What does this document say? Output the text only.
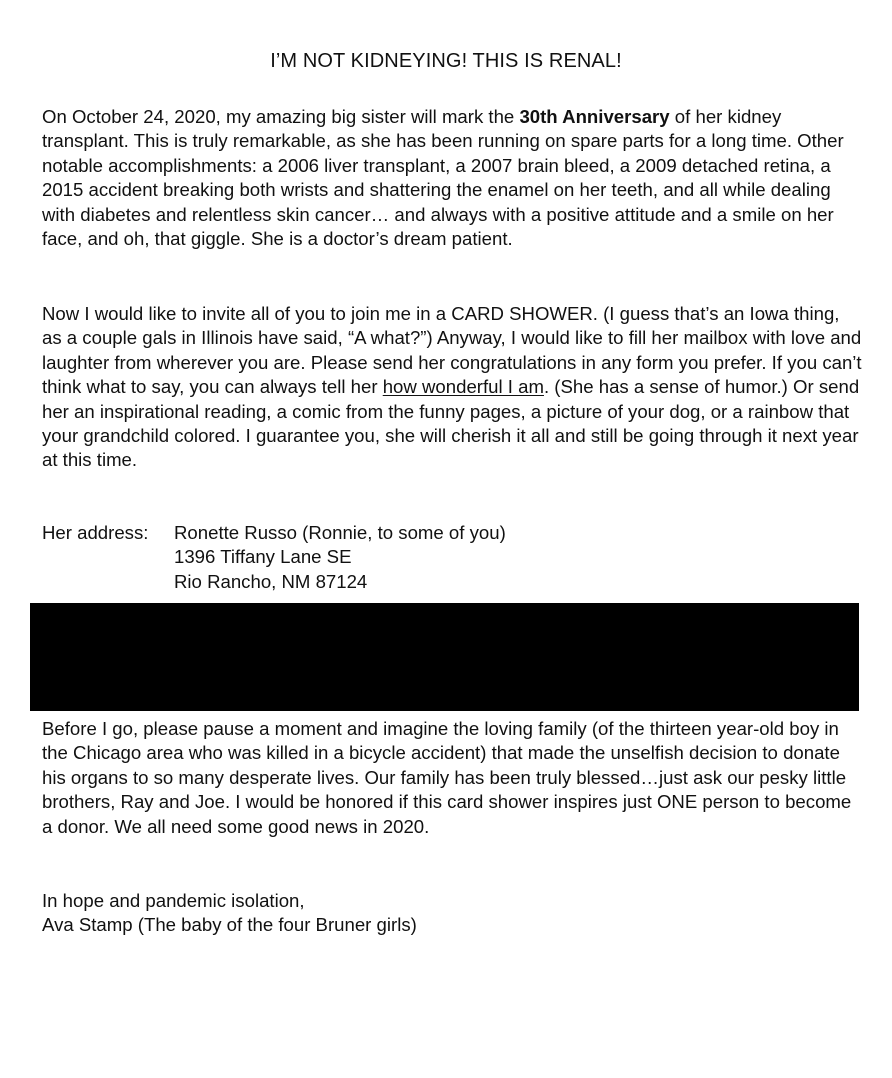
I’M NOT KIDNEYING! THIS IS RENAL!

On October 24, 2020, my amazing big sister will mark the 30th Anniversary of her kidney transplant. This is truly remarkable, as she has been running on spare parts for a long time. Other notable accomplishments: a 2006 liver transplant, a 2007 brain bleed, a 2009 detached retina, a 2015 accident breaking both wrists and shattering the enamel on her teeth, and all while dealing with diabetes and relentless skin cancer… and always with a positive attitude and a smile on her face, and oh, that giggle. She is a doctor’s dream patient.

Now I would like to invite all of you to join me in a CARD SHOWER. (I guess that’s an Iowa thing, as a couple gals in Illinois have said, “A what?”) Anyway, I would like to fill her mailbox with love and laughter from wherever you are. Please send her congratulations in any form you prefer. If you can’t think what to say, you can always tell her how wonderful I am. (She has a sense of humor.) Or send her an inspirational reading, a comic from the funny pages, a picture of your dog, or a rainbow that your grandchild colored. I guarantee you, she will cherish it all and still be going through it next year at this time.

Her address: Ronette Russo (Ronnie, to some of you)
1396 Tiffany Lane SE
Rio Rancho, NM 87124

Before I go, please pause a moment and imagine the loving family (of the thirteen year-old boy in the Chicago area who was killed in a bicycle accident) that made the unselfish decision to donate his organs to so many desperate lives. Our family has been truly blessed…just ask our pesky little brothers, Ray and Joe. I would be honored if this card shower inspires just ONE person to become a donor. We all need some good news in 2020.

In hope and pandemic isolation,
Ava Stamp (The baby of the four Bruner girls)
